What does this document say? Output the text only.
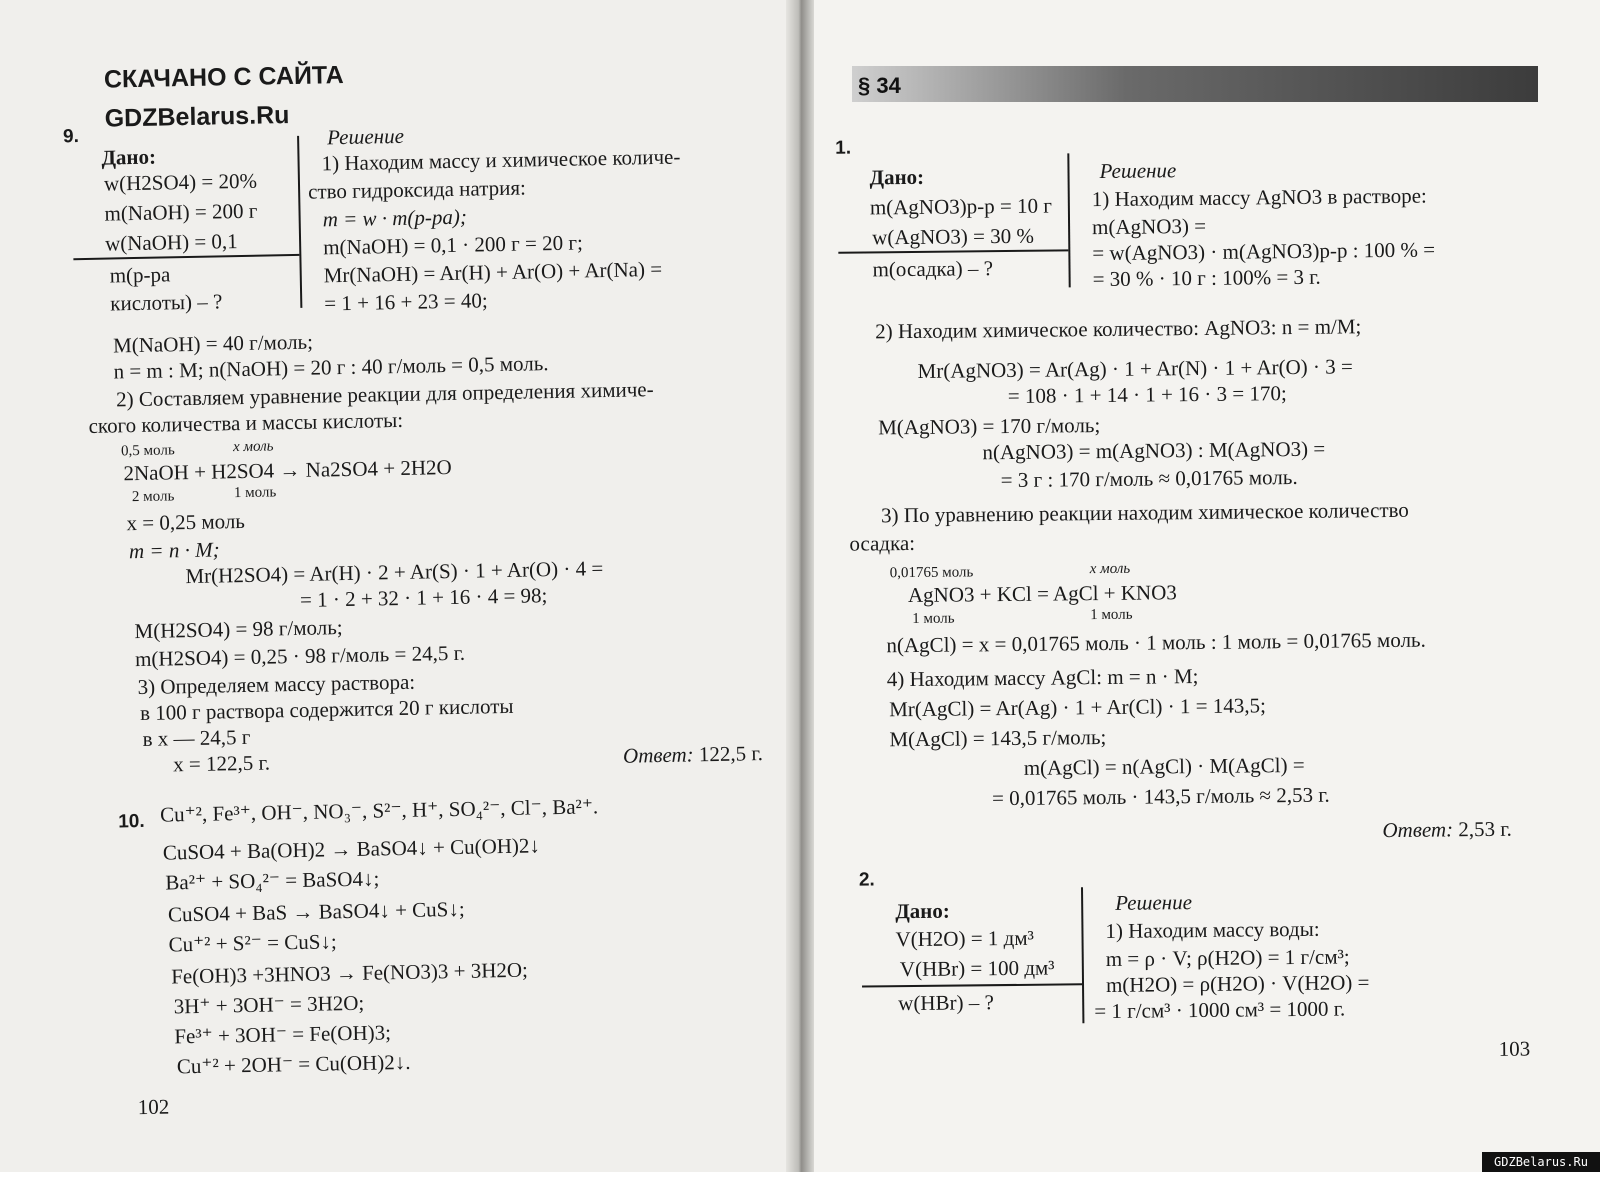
СКАЧАНО С САЙТА
GDZBelarus.Ru
9.
Дано:
w(H2SO4) = 20%
m(NaOH) = 200 г
w(NaOH) = 0,1
m(р-ра
кислоты) – ?
Решение
1) Находим массу и химическое количе-
ство гидроксида натрия:
m = w · m(р-ра);
m(NaOH) = 0,1 · 200 г = 20 г;
Mr(NaOH) = Ar(H) + Ar(O) + Ar(Na) =
= 1 + 16 + 23 = 40;
M(NaOH) = 40 г/моль;
n = m : M; n(NaOH) = 20 г : 40 г/моль = 0,5 моль.
2) Составляем уравнение реакции для определения химиче-
ского количества и массы кислоты:
0,5 моль	x моль
2NaOH + H2SO4 → Na2SO4 + 2H2O
2 моль	1 моль
x = 0,25 моль
m = n · M;
Mr(H2SO4) = Ar(H) · 2 + Ar(S) · 1 + Ar(O) · 4 =
= 1 · 2 + 32 · 1 + 16 · 4 = 98;
M(H2SO4) = 98 г/моль;
m(H2SO4) = 0,25 · 98 г/моль = 24,5 г.
3) Определяем массу раствора:
в 100 г раствора содержится 20 г кислоты
в x — 24,5 г
x = 122,5 г.	Ответ: 122,5 г.
10. Cu⁺², Fe³⁺, OH⁻, NO₃⁻, S²⁻, H⁺, SO₄²⁻, Cl⁻, Ba²⁺.
CuSO4 + Ba(OH)2 → BaSO4↓ + Cu(OH)2↓
Ba²⁺ + SO₄²⁻ = BaSO4↓;
CuSO4 + BaS → BaSO4↓ + CuS↓;
Cu⁺² + S²⁻ = CuS↓;
Fe(OH)3 +3HNO3 → Fe(NO3)3 + 3H2O;
3H⁺ + 3OH⁻ = 3H2O;
Fe³⁺ + 3OH⁻ = Fe(OH)3;
Cu⁺² + 2OH⁻ = Cu(OH)2↓.
102
§ 34
1.
Дано:
m(AgNO3)р-р = 10 г
w(AgNO3) = 30 %
m(осадка) – ?
Решение
1) Находим массу AgNO3 в растворе:
m(AgNO3) =
= w(AgNO3) · m(AgNO3)р-р : 100 % =
= 30 % · 10 г : 100% = 3 г.
2) Находим химическое количество: AgNO3: n = m/M;
Mr(AgNO3) = Ar(Ag) · 1 + Ar(N) · 1 + Ar(O) · 3 =
= 108 · 1 + 14 · 1 + 16 · 3 = 170;
M(AgNO3) = 170 г/моль;
n(AgNO3) = m(AgNO3) : M(AgNO3) =
= 3 г : 170 г/моль ≈ 0,01765 моль.
3) По уравнению реакции находим химическое количество
осадка:
0,01765 моль	x моль
AgNO3 + KCl = AgCl + KNO3
1 моль	1 моль
n(AgCl) = x = 0,01765 моль · 1 моль : 1 моль = 0,01765 моль.
4) Находим массу AgCl: m = n · M;
Mr(AgCl) = Ar(Ag) · 1 + Ar(Cl) · 1 = 143,5;
M(AgCl) = 143,5 г/моль;
m(AgCl) = n(AgCl) · M(AgCl) =
= 0,01765 моль · 143,5 г/моль ≈ 2,53 г.
Ответ: 2,53 г.
2.
Дано:
V(H2O) = 1 дм³
V(HBr) = 100 дм³
w(HBr) – ?
Решение
1) Находим массу воды:
m = ρ · V; ρ(H2O) = 1 г/см³;
m(H2O) = ρ(H2O) · V(H2O) =
= 1 г/см³ · 1000 см³ = 1000 г.
103
GDZBelarus.Ru
